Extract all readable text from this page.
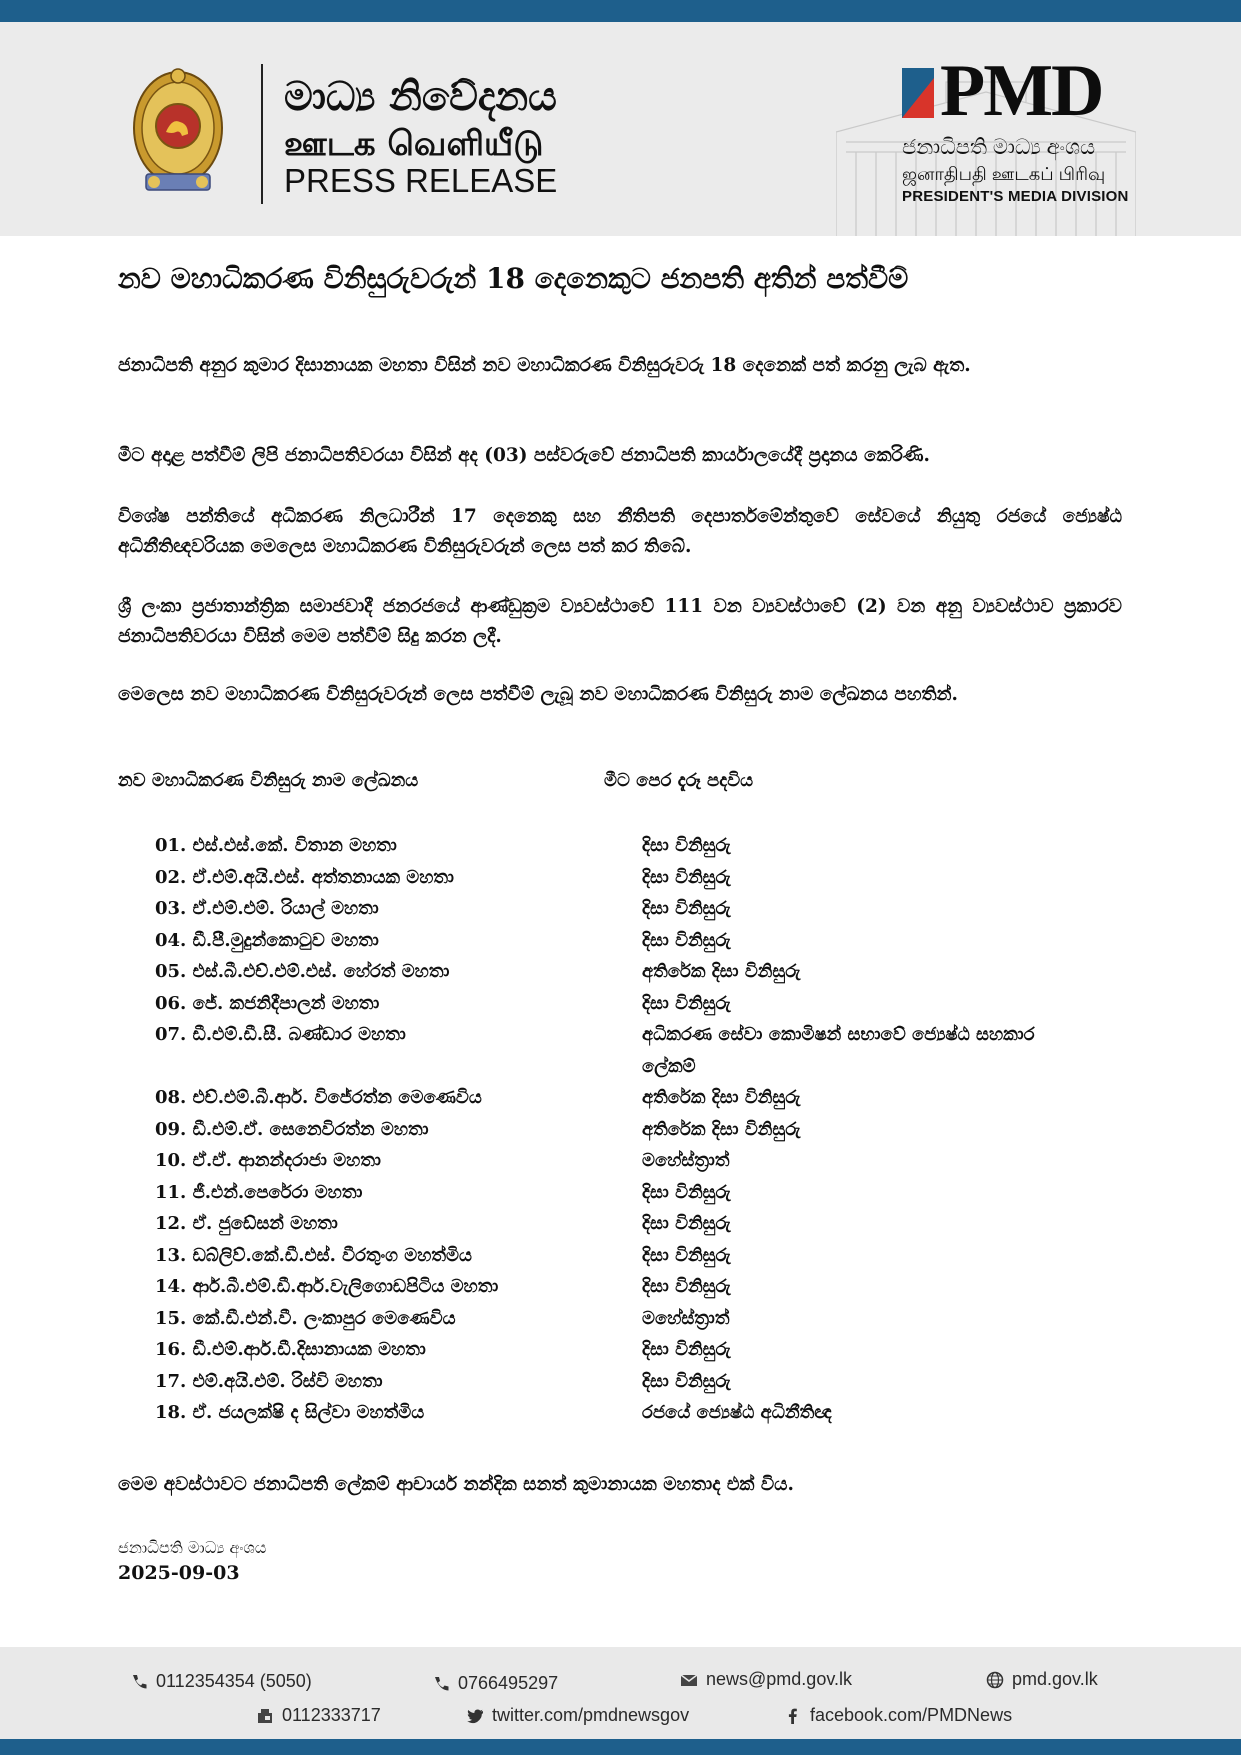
මාධ්‍ය නිවේදනය
ஊடக வெளியீடு
PRESS RELEASE
PMD
ජනාධිපති මාධ්‍ය අංශය
ஜனாதிபதி ஊடகப் பிரிவு
PRESIDENT'S MEDIA DIVISION
නව මහාධිකරණ විනිසුරුවරුන් 18 දෙනෙකුට ජනපති අතින් පත්වීම්
ජනාධිපති අනුර කුමාර දිසානායක මහතා විසින් නව මහාධිකරණ විනිසුරුවරු 18 දෙනෙක් පත් කරනු ලැබ ඇත.
මීට අදාළ පත්වීම් ලිපි ජනාධිපතිවරයා විසින් අද (03) පස්වරුවේ ජනාධිපති කාර්යාලයේදී ප්‍රදානය කෙරිණි.
විශේෂ පන්තියේ අධිකරණ නිලධාරීන් 17 දෙනෙකු සහ නීතිපති දෙපාර්තමේන්තුවේ සේවයේ නියුතු රජයේ ජ්‍යෙෂ්ඨ අධිනීතිඥවරියක මෙලෙස මහාධිකරණ විනිසුරුවරුන් ලෙස පත් කර තිබේ.
ශ්‍රී ලංකා ප්‍රජාතාන්ත්‍රික සමාජවාදී ජනරජයේ ආණ්ඩුක්‍රම ව්‍යවස්ථාවේ 111 වන ව්‍යවස්ථාවේ (2) වන අනු ව්‍යවස්ථාව ප්‍රකාරව ජනාධිපතිවරයා විසින් මෙම පත්වීම් සිදු කරන ලදී.
මෙලෙස නව මහාධිකරණ විනිසුරුවරුන් ලෙස පත්වීම් ලැබූ නව මහාධිකරණ විනිසුරු නාම ලේඛනය පහතින්.
නව මහාධිකරණ විනිසුරු නාම ලේඛනය	මීට පෙර දැරූ පදවිය
01. එස්.එස්.කේ. විතාන මහතා	දිසා විනිසුරු
02. ඒ.එම්.අයි.එස්. අත්තනායක මහතා	දිසා විනිසුරු
03. ඒ.එම්.එම්. රියාල් මහතා	දිසා විනිසුරු
04. ඩී.පී.මුදුන්කොටුව මහතා	දිසා විනිසුරු
05. එස්.බී.එච්.එම්.එස්. හේරත් මහතා	අතිරේක දිසා විනිසුරු
06. ජේ. කජනිදීපාලන් මහතා	දිසා විනිසුරු
07. ඩී.එම්.ඩී.සී. බණ්ඩාර මහතා	අධිකරණ සේවා කොමිෂන් සභාවේ ජ්‍යෙෂ්ඨ සහකාර ලේකම්
08. එච්.එම්.බී.ආර්. විජේරත්න මෙණෙවිය	අතිරේක දිසා විනිසුරු
09. ඩී.එම්.ඒ. සෙනෙවිරත්න මහතා	අතිරේක දිසා විනිසුරු
10. ඒ.ඒ. ආනන්දරාජා මහතා	මහේස්ත්‍රාත්
11. ජී.එන්.පෙරේරා මහතා	දිසා විනිසුරු
12. ඒ. ජුඩේසන් මහතා	දිසා විනිසුරු
13. ඩබ්ලිව්.කේ.ඩී.එස්. වීරතුංග මහත්මිය	දිසා විනිසුරු
14. ආර්.බී.එම්.ඩී.ආර්.වැලිගොඩපිටිය මහතා	දිසා විනිසුරු
15. කේ.ඩී.එන්.වී. ලංකාපුර මෙණෙවිය	මහේස්ත්‍රාත්
16. ඩී.එම්.ආර්.ඩී.දිසානායක මහතා	දිසා විනිසුරු
17. එම්.අයි.එම්. රිස්වි මහතා	දිසා විනිසුරු
18. ඒ. ජයලක්ෂි ද සිල්වා මහත්මිය	රජයේ ජ්‍යෙෂ්ඨ අධිනීතිඥ
මෙම අවස්ථාවට ජනාධිපති ලේකම් ආචාර්ය නන්දික සනත් කුමානායක මහතාද එක් විය.
ජනාධිපති මාධ්‍ය අංශය
2025-09-03
0112354354 (5050)	0766495297	news@pmd.gov.lk	pmd.gov.lk
0112333717	twitter.com/pmdnewsgov	facebook.com/PMDNews
